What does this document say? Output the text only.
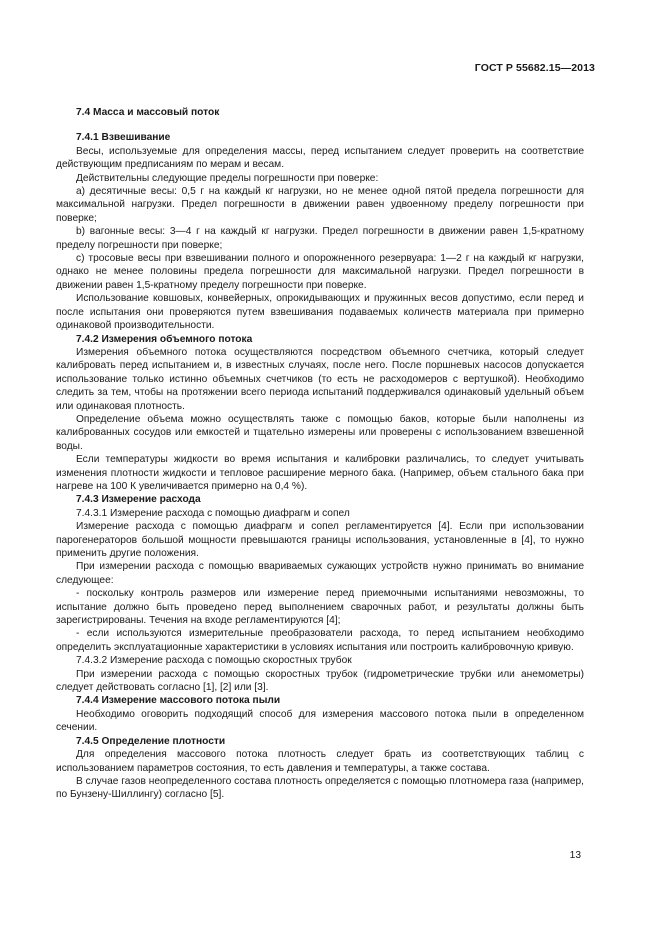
ГОСТ Р 55682.15—2013

7.4 Масса и массовый поток

7.4.1 Взвешивание

Весы, используемые для определения массы, перед испытанием следует проверить на соответствие действующим предписаниям по мерам и весам.

Действительны следующие пределы погрешности при поверке:

a) десятичные весы: 0,5 г на каждый кг нагрузки, но не менее одной пятой предела погрешности для максимальной нагрузки. Предел погрешности в движении равен удвоенному пределу погрешности при поверке;

b) вагонные весы: 3—4 г на каждый кг нагрузки. Предел погрешности в движении равен 1,5-кратному пределу погрешности при поверке;

c) тросовые весы при взвешивании полного и опорожненного резервуара: 1—2 г на каждый кг нагрузки, однако не менее половины предела погрешности для максимальной нагрузки. Предел погрешности в движении равен 1,5-кратному пределу погрешности при поверке.

Использование ковшовых, конвейерных, опрокидывающих и пружинных весов допустимо, если перед и после испытания они проверяются путем взвешивания подаваемых количеств материала при примерно одинаковой производительности.

7.4.2 Измерения объемного потока

Измерения объемного потока осуществляются посредством объемного счетчика, который следует калибровать перед испытанием и, в известных случаях, после него. После поршневых насосов допускается использование только истинно объемных счетчиков (то есть не расходомеров с вертушкой). Необходимо следить за тем, чтобы на протяжении всего периода испытаний поддерживался одинаковый удельный объем или одинаковая плотность.

Определение объема можно осуществлять также с помощью баков, которые были наполнены из калиброванных сосудов или емкостей и тщательно измерены или проверены с использованием взвешенной воды.

Если температуры жидкости во время испытания и калибровки различались, то следует учитывать изменения плотности жидкости и тепловое расширение мерного бака. (Например, объем стального бака при нагреве на 100 К увеличивается примерно на 0,4 %).

7.4.3 Измерение расхода

7.4.3.1 Измерение расхода с помощью диафрагм и сопел

Измерение расхода с помощью диафрагм и сопел регламентируется [4]. Если при использовании парогенераторов большой мощности превышаются границы использования, установленные в [4], то нужно применить другие положения.

При измерении расхода с помощью ввариваемых сужающих устройств нужно принимать во внимание следующее:

- поскольку контроль размеров или измерение перед приемочными испытаниями невозможны, то испытание должно быть проведено перед выполнением сварочных работ, и результаты должны быть зарегистрированы. Течения на входе регламентируются [4];

- если используются измерительные преобразователи расхода, то перед испытанием необходимо определить эксплуатационные характеристики в условиях испытания или построить калибровочную кривую.

7.4.3.2 Измерение расхода с помощью скоростных трубок

При измерении расхода с помощью скоростных трубок (гидрометрические трубки или анемометры) следует действовать согласно [1], [2] или [3].

7.4.4 Измерение массового потока пыли

Необходимо оговорить подходящий способ для измерения массового потока пыли в определенном сечении.

7.4.5 Определение плотности

Для определения массового потока плотность следует брать из соответствующих таблиц с использованием параметров состояния, то есть давления и температуры, а также состава.

В случае газов неопределенного состава плотность определяется с помощью плотномера газа (например, по Бунзену-Шиллингу) согласно [5].

13
